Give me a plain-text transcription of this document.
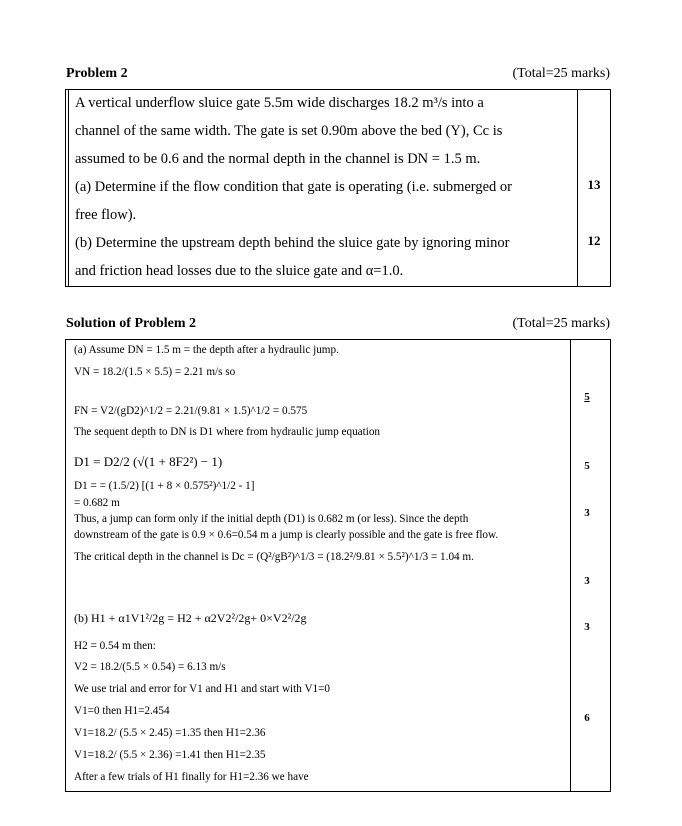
Problem 2	(Total=25 marks)
A vertical underflow sluice gate 5.5m wide discharges 18.2 m³/s into a
channel of the same width. The gate is set 0.90m above the bed (Y), Cc is
assumed to be 0.6 and the normal depth in the channel is DN = 1.5 m.
(a) Determine if the flow condition that gate is operating (i.e. submerged or
free flow).
(b) Determine the upstream depth behind the sluice gate by ignoring minor
and friction head losses due to the sluice gate and α=1.0.
13
12
Solution of Problem 2	(Total=25 marks)
(a) Assume DN = 1.5 m = the depth after a hydraulic jump.
VN = 18.2/(1.5 × 5.5) = 2.21 m/s so
FN = V2/(gD2)^1/2 = 2.21/(9.81 × 1.5)^1/2 = 0.575
The sequent depth to DN is D1 where from hydraulic jump equation
D1 = D2/2 (√(1 + 8F2²) − 1)
D1 = = (1.5/2) [(1 + 8 × 0.575²)^1/2 - 1]
= 0.682 m
Thus, a jump can form only if the initial depth (D1) is 0.682 m (or less). Since the depth
downstream of the gate is 0.9 × 0.6=0.54 m a jump is clearly possible and the gate is free flow.
The critical depth in the channel is Dc = (Q²/gB²)^1/3 = (18.2²/9.81 × 5.5²)^1/3 = 1.04 m.
(b) H1 + α1V1²/2g = H2 + α2V2²/2g+ 0×V2²/2g
H2 = 0.54 m then:
V2 = 18.2/(5.5 × 0.54) = 6.13 m/s
We use trial and error for V1 and H1 and start with V1=0
V1=0 then H1=2.454
V1=18.2/ (5.5 × 2.45) =1.35 then H1=2.36
V1=18.2/ (5.5 × 2.36) =1.41 then H1=2.35
After a few trials of H1 finally for H1=2.36 we have
5
5
3
3
3
6
